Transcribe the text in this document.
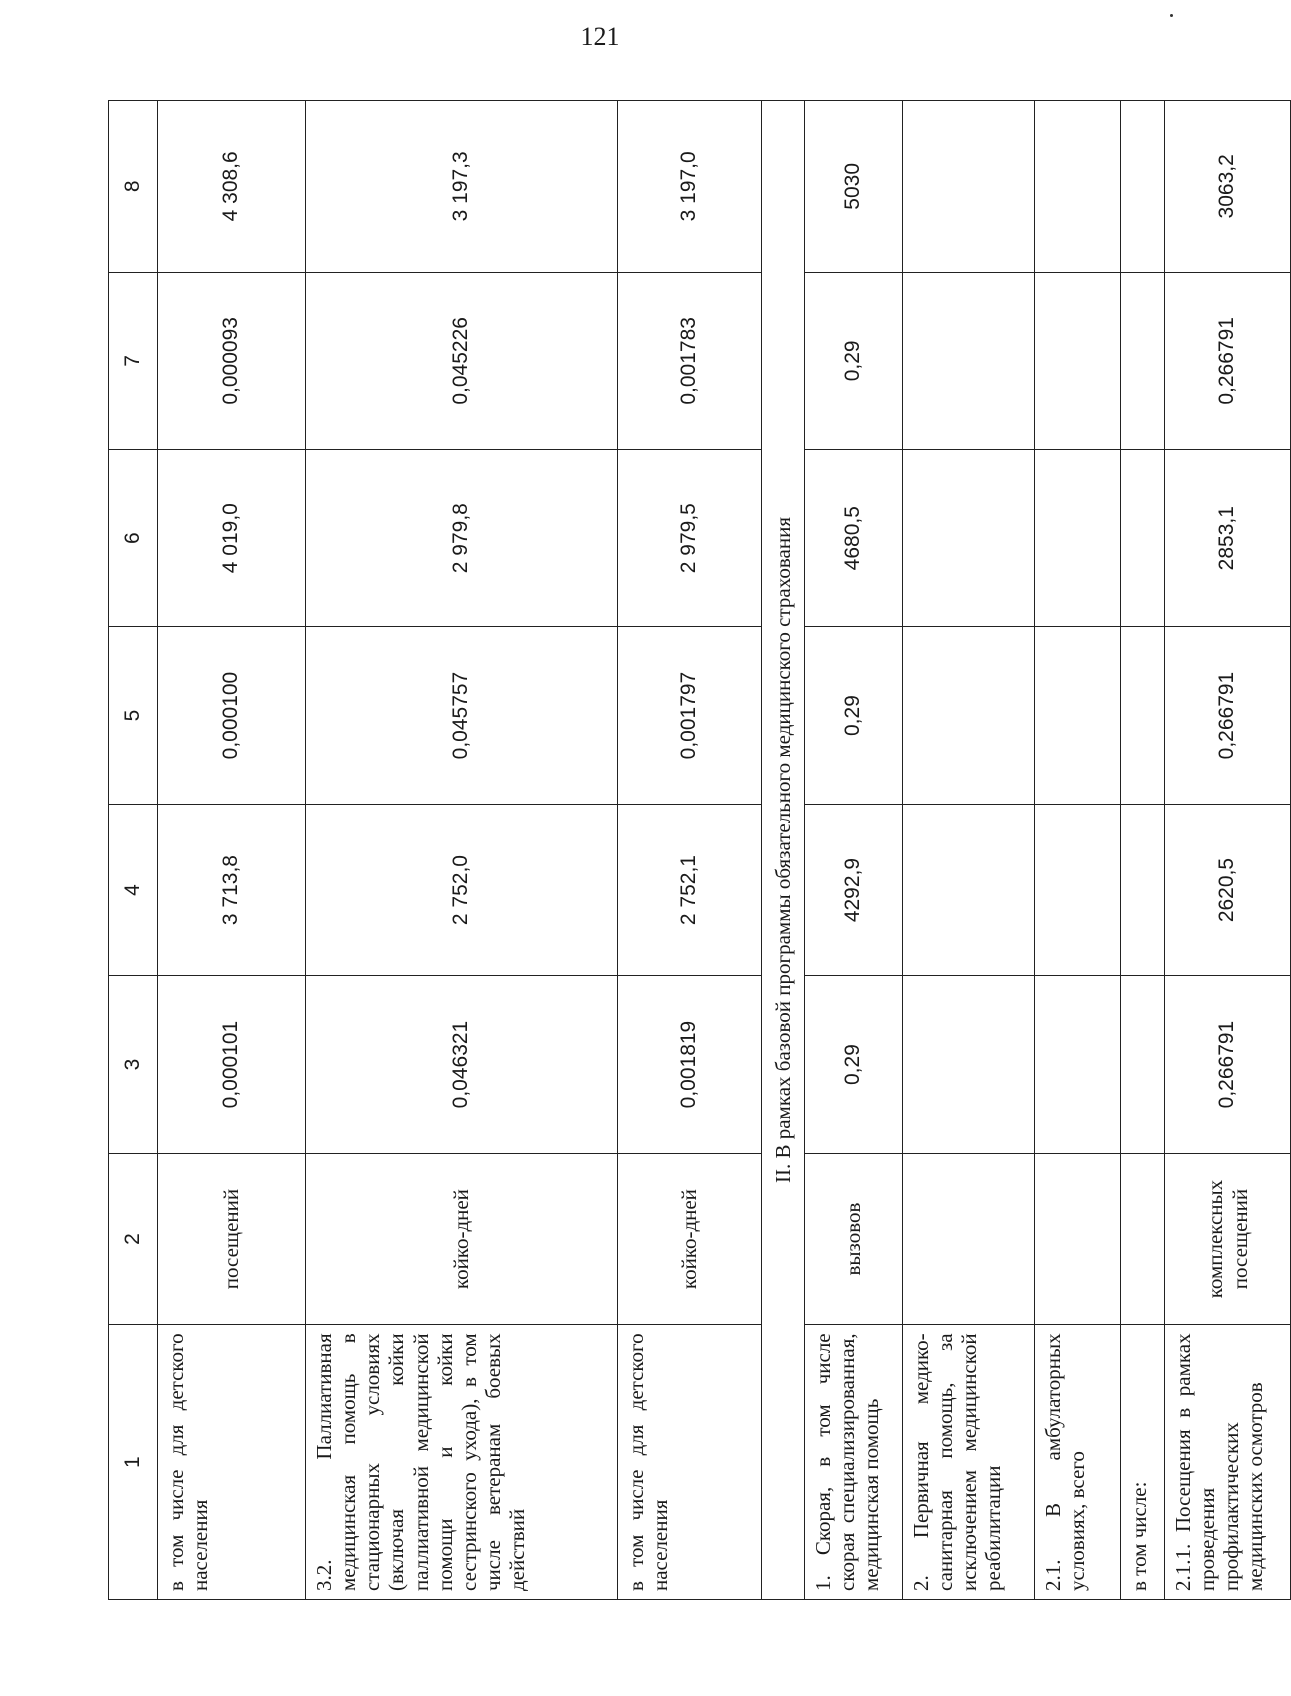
121
1	2	3	4	5	6	7	8
в том числе для детского населения	посещений	0,000101	3 713,8	0,000100	4 019,0	0,000093	4 308,6
3.2. Паллиативная медицинская помощь в стационарных условиях (включая койки паллиативной медицинской помощи и койки сестринского ухода), в том числе ветеранам боевых действий	койко-дней	0,046321	2 752,0	0,045757	2 979,8	0,045226	3 197,3
в том числе для детского населения	койко-дней	0,001819	2 752,1	0,001797	2 979,5	0,001783	3 197,0
II. В рамках базовой программы обязательного медицинского страхования							
1. Скорая, в том числе скорая специализированная, медицинская помощь	вызовов	0,29	4292,9	0,29	4680,5	0,29	5030
2. Первичная медико-санитарная помощь, за исключением медицинской реабилитации							
2.1. В амбулаторных условиях, всего							
в том числе:							
2.1.1. Посещения в рамках проведения профилактических медицинских осмотров	комплексных посещений	0,266791	2620,5	0,266791	2853,1	0,266791	3063,2
